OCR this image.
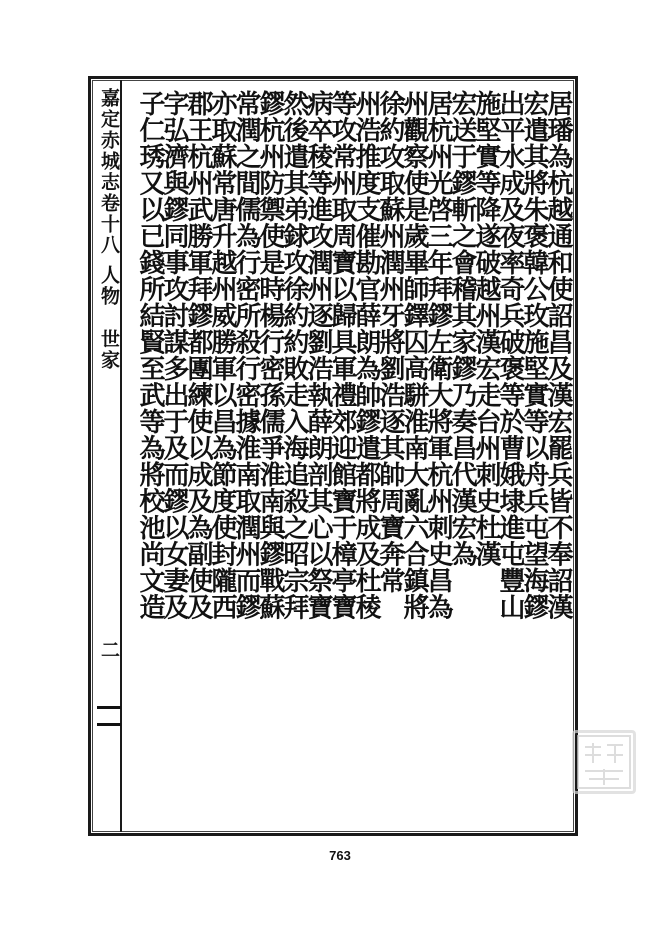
嘉定赤城志卷十八 人物 世家
二
居璠為杭越通和使詔昌及漢宏罷兵皆不奉詔漢
宏遣其將朱褒韓公玫施堅實等以舟兵屯望海鏐
出平水成及夜率奇兵破褒等於曹娥埭進屯豐山
施堅實等降遂破越州漢宏走台州刺史杜漢
宏送于鏐斬之會稽其家鏐乃奏昌代漢宏為
居杭州光啓三年拜鏐左衛大將軍杭州刺史昌為
州觀察使是歲畢師鐸囚高駢淮南大亂六合鎮將
徐約攻取蘇州潤州牙將劉浩逐其帥周寶奔常
州浩推度支催勘官薛朗為帥鏐遣都將成及杜稜
等攻常州取周寶以歸具軍禮郊迎館寶于樟亭寶
病卒稜等進攻潤州逐劉浩執薛朗剖其心以祭寶
然後遣其弟銶攻徐約約敗走入海追殺之昭宗拜
鏐杭州防禦使是時楊行密孫儒爭淮南與鏐戰蘇
常潤之間儒為行密所殺行密據淮南取潤州而鏐
亦取蘇常唐升越州威勝軍以昌為節度使封隴西
郡王杭州武勝軍拜鏐都團練使以成及為副使及
字弘濟與鏐同事攻討謀多出于及而鏐以女妻及
子仁琇又以已錢所結賢至武等為將校池尚文造
763
